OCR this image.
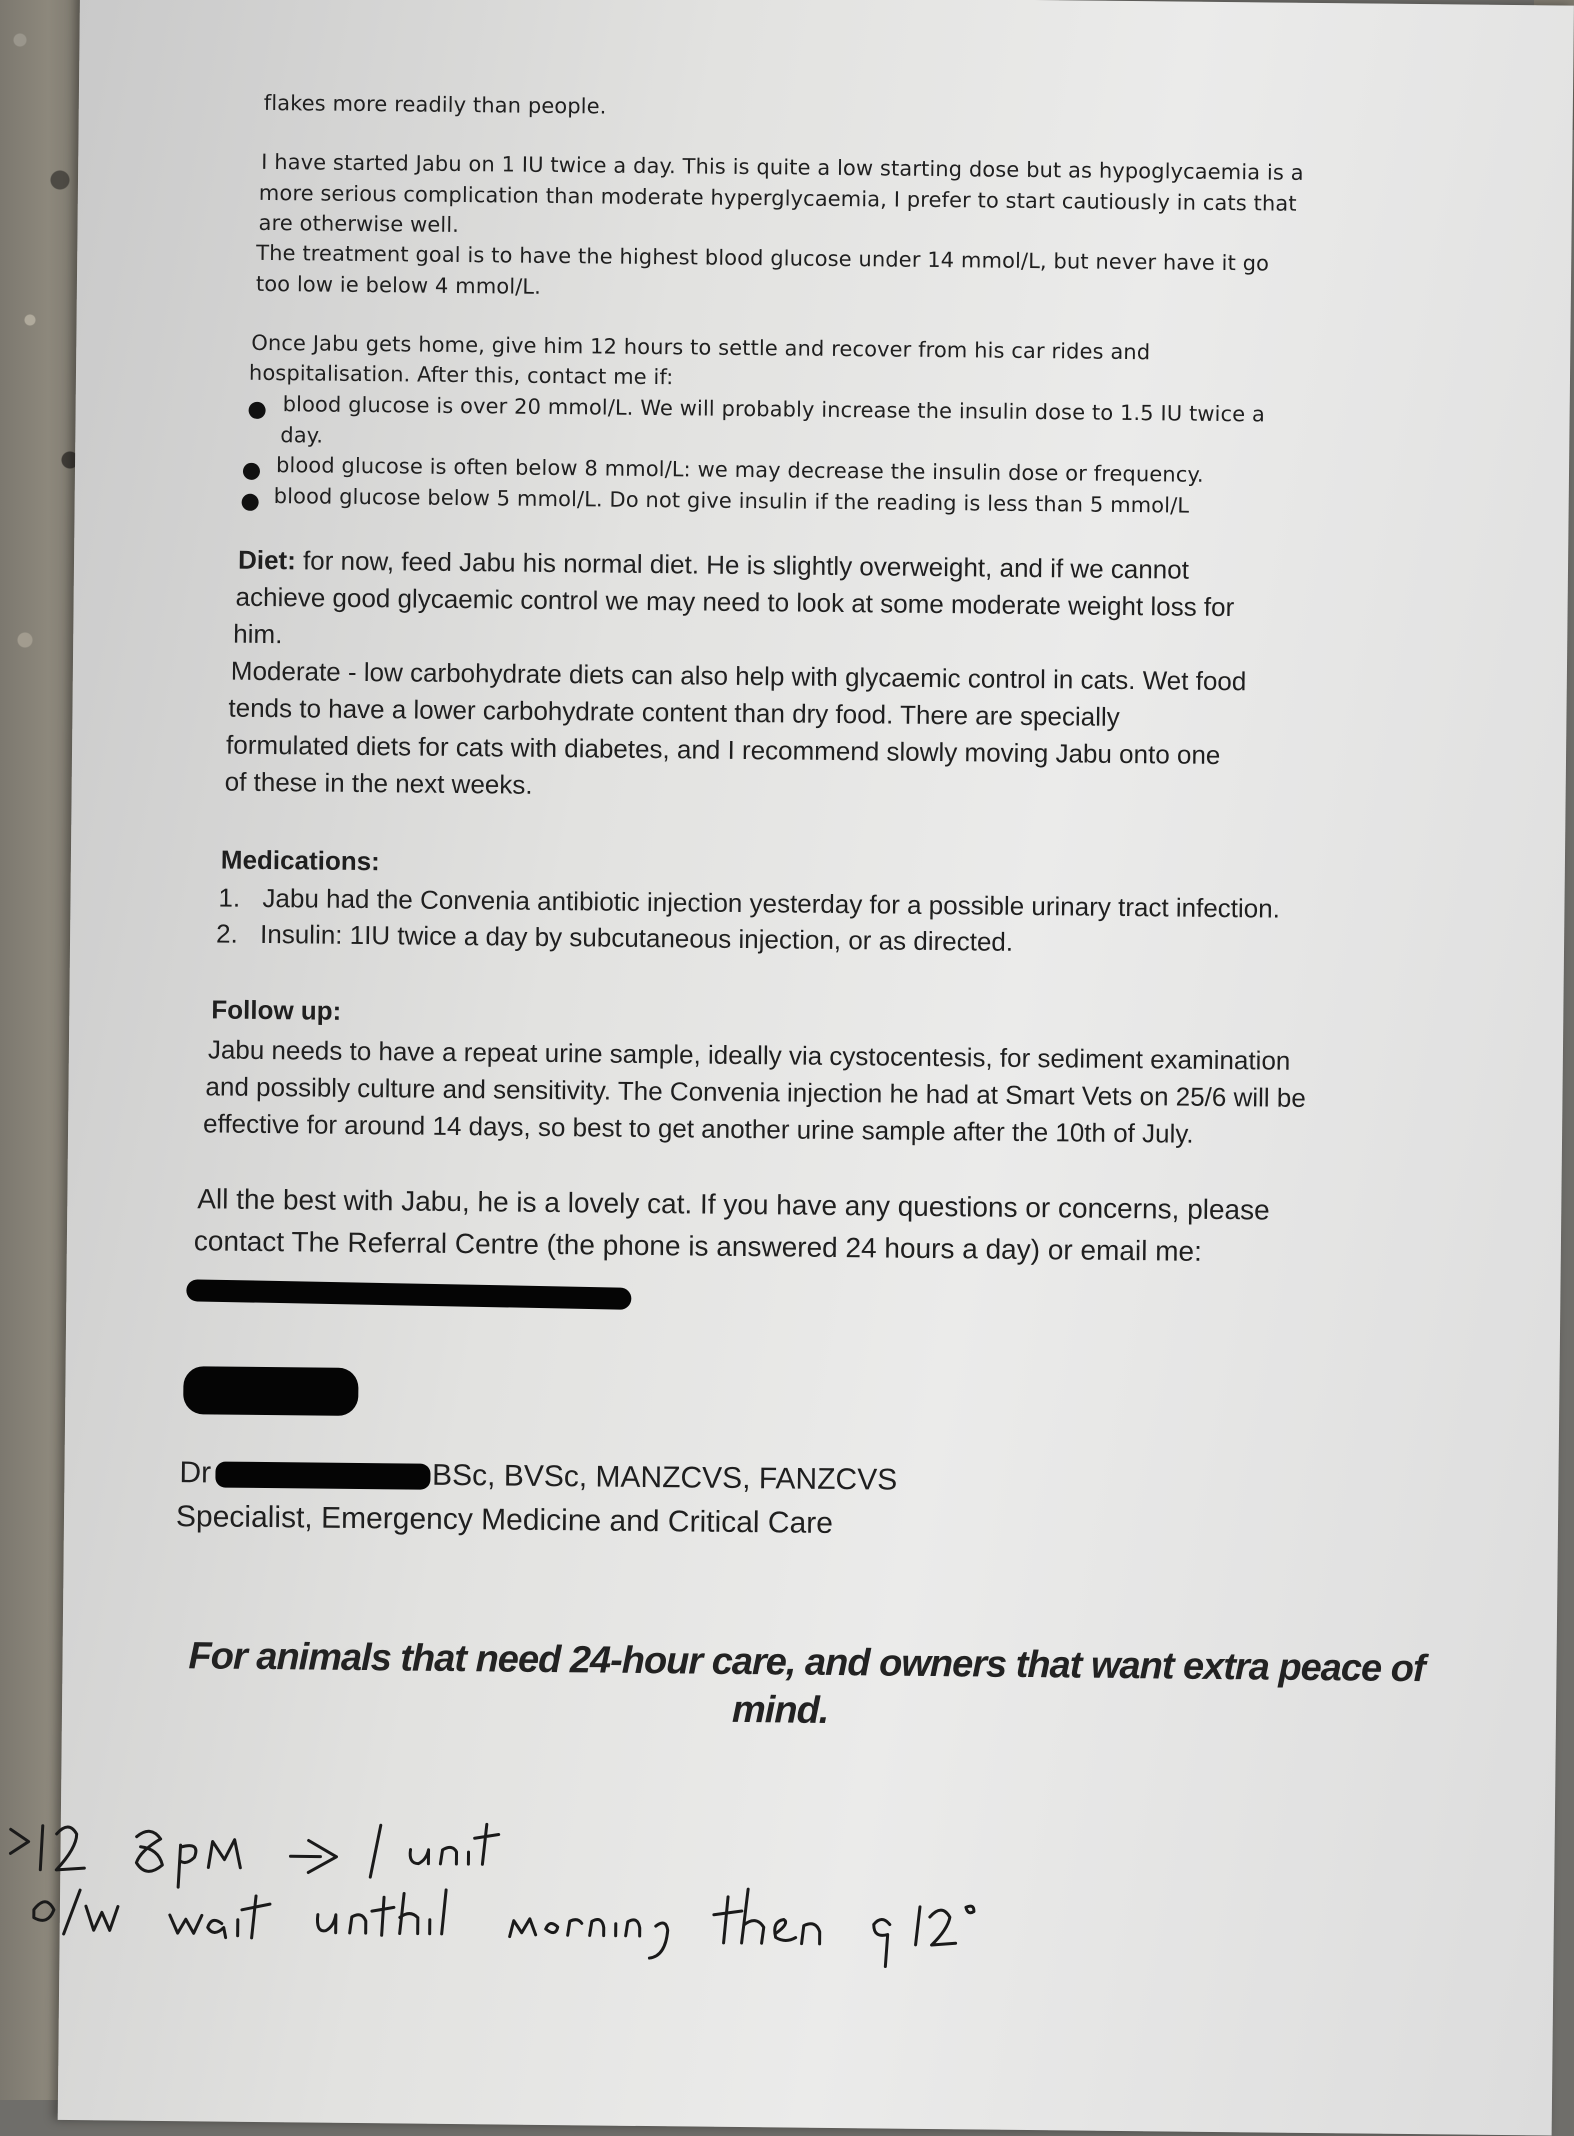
flakes more readily than people.
I have started Jabu on 1 IU twice a day. This is quite a low starting dose but as hypoglycaemia is a
more serious complication than moderate hyperglycaemia, I prefer to start cautiously in cats that
are otherwise well.
The treatment goal is to have the highest blood glucose under 14 mmol/L, but never have it go
too low ie below 4 mmol/L.
Once Jabu gets home, give him 12 hours to settle and recover from his car rides and
hospitalisation. After this, contact me if:
blood glucose is over 20 mmol/L. We will probably increase the insulin dose to 1.5 IU twice a
day.
blood glucose is often below 8 mmol/L: we may decrease the insulin dose or frequency.
blood glucose below 5 mmol/L. Do not give insulin if the reading is less than 5 mmol/L
Diet: for now, feed Jabu his normal diet. He is slightly overweight, and if we cannot
achieve good glycaemic control we may need to look at some moderate weight loss for
him.
Moderate - low carbohydrate diets can also help with glycaemic control in cats. Wet food
tends to have a lower carbohydrate content than dry food. There are specially
formulated diets for cats with diabetes, and I recommend slowly moving Jabu onto one
of these in the next weeks.
Medications:
1. Jabu had the Convenia antibiotic injection yesterday for a possible urinary tract infection.
2. Insulin: 1IU twice a day by subcutaneous injection, or as directed.
Follow up:
Jabu needs to have a repeat urine sample, ideally via cystocentesis, for sediment examination
and possibly culture and sensitivity. The Convenia injection he had at Smart Vets on 25/6 will be
effective for around 14 days, so best to get another urine sample after the 10th of July.
All the best with Jabu, he is a lovely cat. If you have any questions or concerns, please
contact The Referral Centre (the phone is answered 24 hours a day) or email me:
Dr	BSc, BVSc, MANZCVS, FANZCVS
Specialist, Emergency Medicine and Critical Care
For animals that need 24-hour care, and owners that want extra peace of
mind.
